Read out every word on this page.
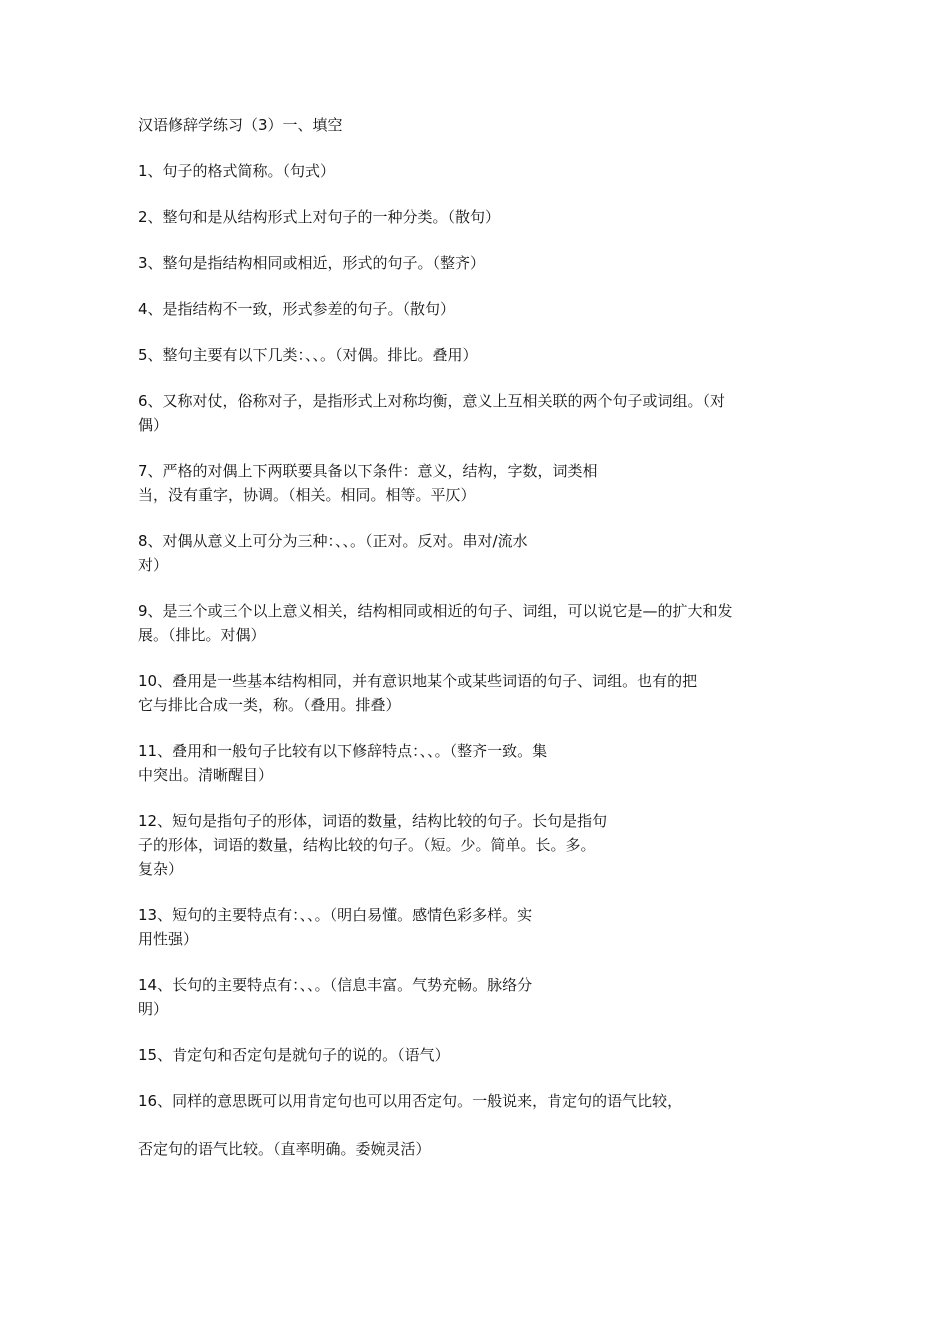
汉语修辞学练习（3）一、填空
1、句子的格式简称。（句式）
2、整句和是从结构形式上对句子的一种分类。（散句）
3、整句是指结构相同或相近，形式的句子。（整齐）
4、是指结构不一致，形式参差的句子。（散句）
5、整句主要有以下几类：、、。（对偶。排比。叠用）
6、又称对仗，俗称对子，是指形式上对称均衡，意义上互相关联的两个句子或词组。（对
偶）
7、严格的对偶上下两联要具备以下条件：意义，结构，字数，词类相
当，没有重字，协调。（相关。相同。相等。平仄）
8、对偶从意义上可分为三种：、、。（正对。反对。串对/流水
对）
9、是三个或三个以上意义相关，结构相同或相近的句子、词组，可以说它是—的扩大和发
展。（排比。对偶）
10、叠用是一些基本结构相同，并有意识地某个或某些词语的句子、词组。也有的把
它与排比合成一类，称。（叠用。排叠）
11、叠用和一般句子比较有以下修辞特点：、、。（整齐一致。集
中突出。清晰醒目）
12、短句是指句子的形体，词语的数量，结构比较的句子。长句是指句
子的形体，词语的数量，结构比较的句子。（短。少。简单。长。多。
复杂）
13、短句的主要特点有：、、。（明白易懂。感情色彩多样。实
用性强）
14、长句的主要特点有：、、。（信息丰富。气势充畅。脉络分
明）
15、肯定句和否定句是就句子的说的。（语气）
16、同样的意思既可以用肯定句也可以用否定句。一般说来，肯定句的语气比较，
否定句的语气比较。（直率明确。委婉灵活）
